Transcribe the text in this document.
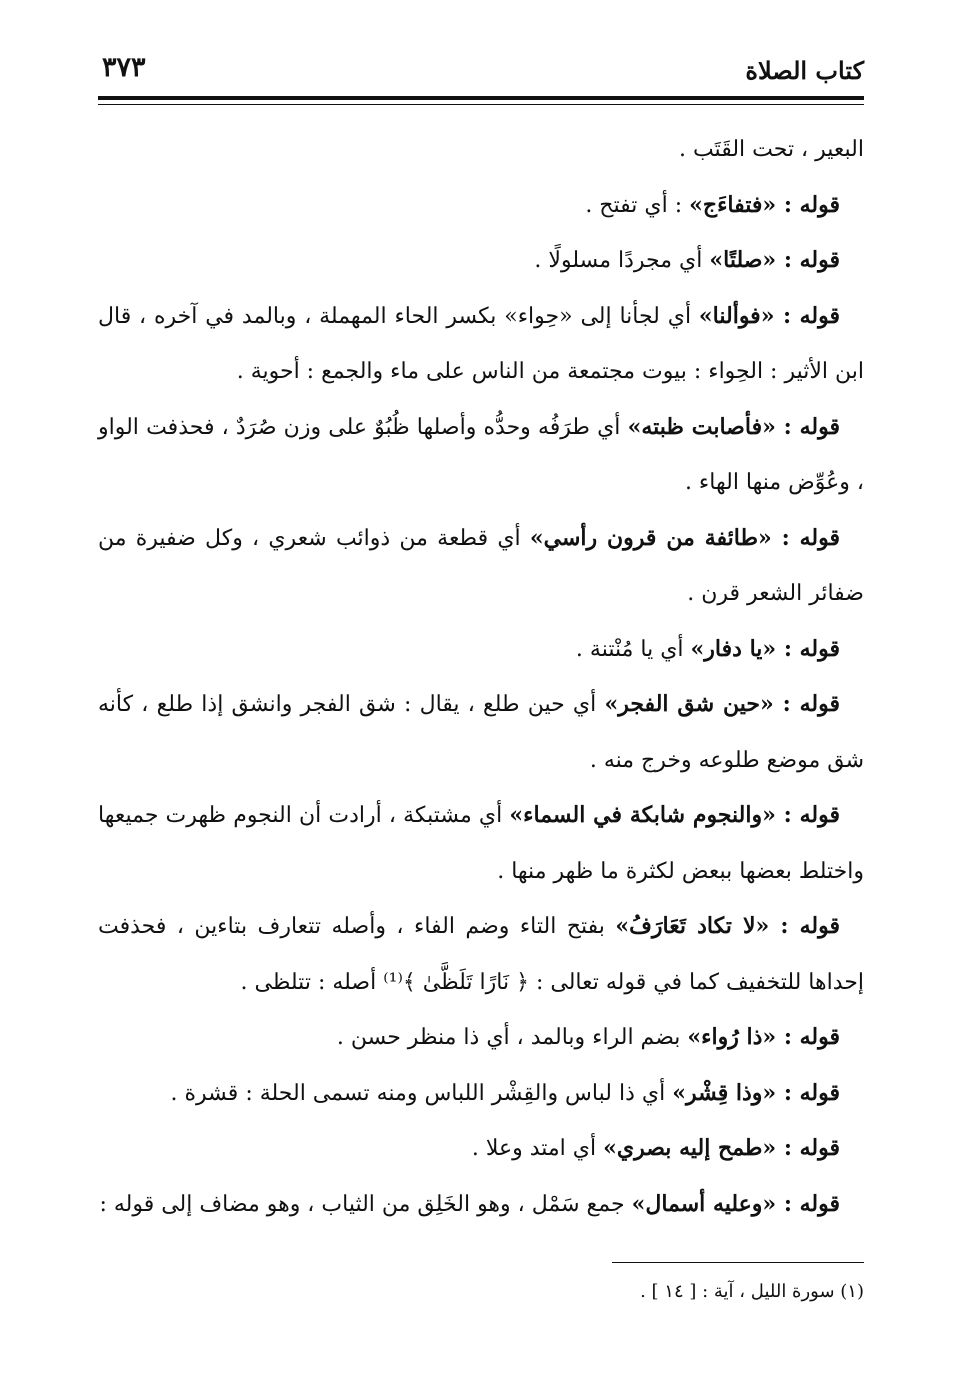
كتاب الصلاة
٣٧٣

البعير ، تحت القَتَب .

قوله : «فتفاءَج» : أي تفتح .

قوله : «صلتًا» أي مجردًا مسلولًا .

قوله : «فوألنا» أي لجأنا إلى «حِواء» بكسر الحاء المهملة ، وبالمد في آخره ، قال ابن الأثير : الحِواء : بيوت مجتمعة من الناس على ماء والجمع : أحوية .

قوله : «فأصابت ظبته» أي طرَفُه وحدُّه وأصلها ظُبُوٌ على وزن صُرَدٌ ، فحذفت الواو ، وعُوِّض منها الهاء .

قوله : «طائفة من قرون رأسي» أي قطعة من ذوائب شعري ، وكل ضفيرة من ضفائر الشعر قرن .

قوله : «يا دفار» أي يا مُنْتنة .

قوله : «حين شق الفجر» أي حين طلع ، يقال : شق الفجر وانشق إذا طلع ، كأنه شق موضع طلوعه وخرج منه .

قوله : «والنجوم شابكة في السماء» أي مشتبكة ، أرادت أن النجوم ظهرت جميعها واختلط بعضها ببعض لكثرة ما ظهر منها .

قوله : «لا تكاد تَعَارَفُ» بفتح التاء وضم الفاء ، وأصله تتعارف بتاءين ، فحذفت إحداها للتخفيف كما في قوله تعالى : ﴿ نَارًا تَلَظَّىٰ ﴾⁽¹⁾ أصله : تتلظى .

قوله : «ذا رُواء» بضم الراء وبالمد ، أي ذا منظر حسن .

قوله : «وذا قِشْر» أي ذا لباس والقِشْر اللباس ومنه تسمى الحلة : قشرة .

قوله : «طمح إليه بصري» أي امتد وعلا .

قوله : «وعليه أسمال» جمع سَمْل ، وهو الخَلِق من الثياب ، وهو مضاف إلى قوله :

(١) سورة الليل ، آية : [ ١٤ ] .
